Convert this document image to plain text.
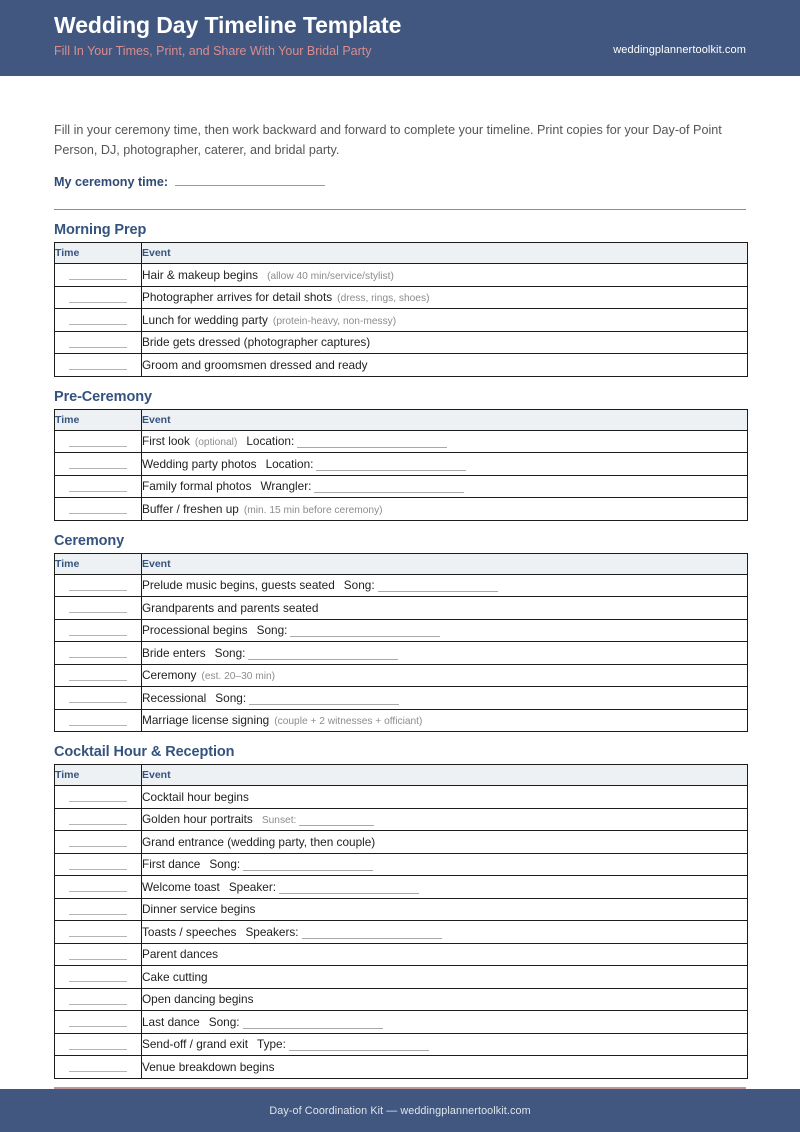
Wedding Day Timeline Template
Fill In Your Times, Print, and Share With Your Bridal Party	weddingplannertoolkit.com
Fill in your ceremony time, then work backward and forward to complete your timeline. Print copies for your Day-of Point Person, DJ, photographer, caterer, and bridal party.
My ceremony time:
Morning Prep
Time	Event
	Hair & makeup begins (allow 40 min/service/stylist)
	Photographer arrives for detail shots (dress, rings, shoes)
	Lunch for wedding party (protein-heavy, non-messy)
	Bride gets dressed (photographer captures)
	Groom and groomsmen dressed and ready
Pre-Ceremony
Time	Event
	First look (optional) Location:
	Wedding party photos Location:
	Family formal photos Wrangler:
	Buffer / freshen up (min. 15 min before ceremony)
Ceremony
Time	Event
	Prelude music begins, guests seated Song:
	Grandparents and parents seated
	Processional begins Song:
	Bride enters Song:
	Ceremony (est. 20–30 min)
	Recessional Song:
	Marriage license signing (couple + 2 witnesses + officiant)
Cocktail Hour & Reception
Time	Event
	Cocktail hour begins
	Golden hour portraits Sunset:
	Grand entrance (wedding party, then couple)
	First dance Song:
	Welcome toast Speaker:
	Dinner service begins
	Toasts / speeches Speakers:
	Parent dances
	Cake cutting
	Open dancing begins
	Last dance Song:
	Send-off / grand exit Type:
	Venue breakdown begins
Day-of Coordination Kit — weddingplannertoolkit.com
